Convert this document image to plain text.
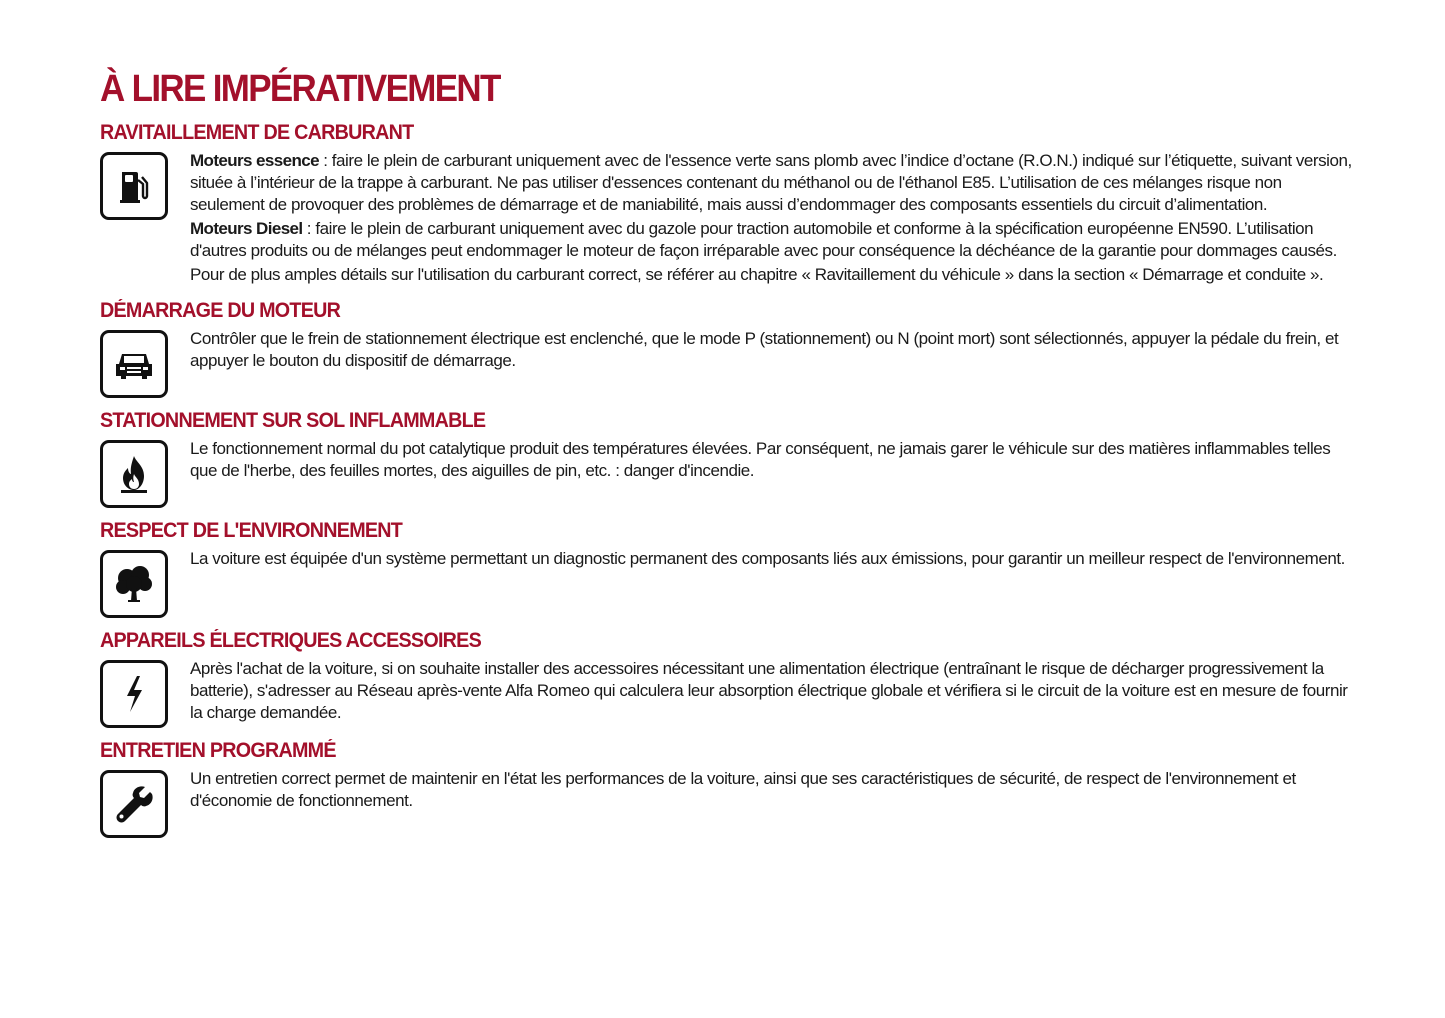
À LIRE IMPÉRATIVEMENT
RAVITAILLEMENT DE CARBURANT

Moteurs essence : faire le plein de carburant uniquement avec de l'essence verte sans plomb avec l’indice d’octane (R.O.N.) indiqué sur l’étiquette, suivant version, située à l’intérieur de la trappe à carburant. Ne pas utiliser d'essences contenant du méthanol ou de l'éthanol E85. L’utilisation de ces mélanges risque non seulement de provoquer des problèmes de démarrage et de maniabilité, mais aussi d’endommager des composants essentiels du circuit d’alimentation.

Moteurs Diesel : faire le plein de carburant uniquement avec du gazole pour traction automobile et conforme à la spécification européenne EN590. L’utilisation d'autres produits ou de mélanges peut endommager le moteur de façon irréparable avec pour conséquence la déchéance de la garantie pour dommages causés.

Pour de plus amples détails sur l'utilisation du carburant correct, se référer au chapitre « Ravitaillement du véhicule » dans la section « Démarrage et conduite ».

DÉMARRAGE DU MOTEUR

Contrôler que le frein de stationnement électrique est enclenché, que le mode P (stationnement) ou N (point mort) sont sélectionnés, appuyer la pédale du frein, et appuyer le bouton du dispositif de démarrage.

STATIONNEMENT SUR SOL INFLAMMABLE

Le fonctionnement normal du pot catalytique produit des températures élevées. Par conséquent, ne jamais garer le véhicule sur des matières inflammables telles que de l'herbe, des feuilles mortes, des aiguilles de pin, etc. : danger d'incendie.

RESPECT DE L'ENVIRONNEMENT

La voiture est équipée d'un système permettant un diagnostic permanent des composants liés aux émissions, pour garantir un meilleur respect de l'environnement.

APPAREILS ÉLECTRIQUES ACCESSOIRES

Après l'achat de la voiture, si on souhaite installer des accessoires nécessitant une alimentation électrique (entraînant le risque de décharger progressivement la batterie), s'adresser au Réseau après-vente Alfa Romeo qui calculera leur absorption électrique globale et vérifiera si le circuit de la voiture est en mesure de fournir la charge demandée.

ENTRETIEN PROGRAMMÉ

Un entretien correct permet de maintenir en l'état les performances de la voiture, ainsi que ses caractéristiques de sécurité, de respect de l'environnement et d'économie de fonctionnement.
